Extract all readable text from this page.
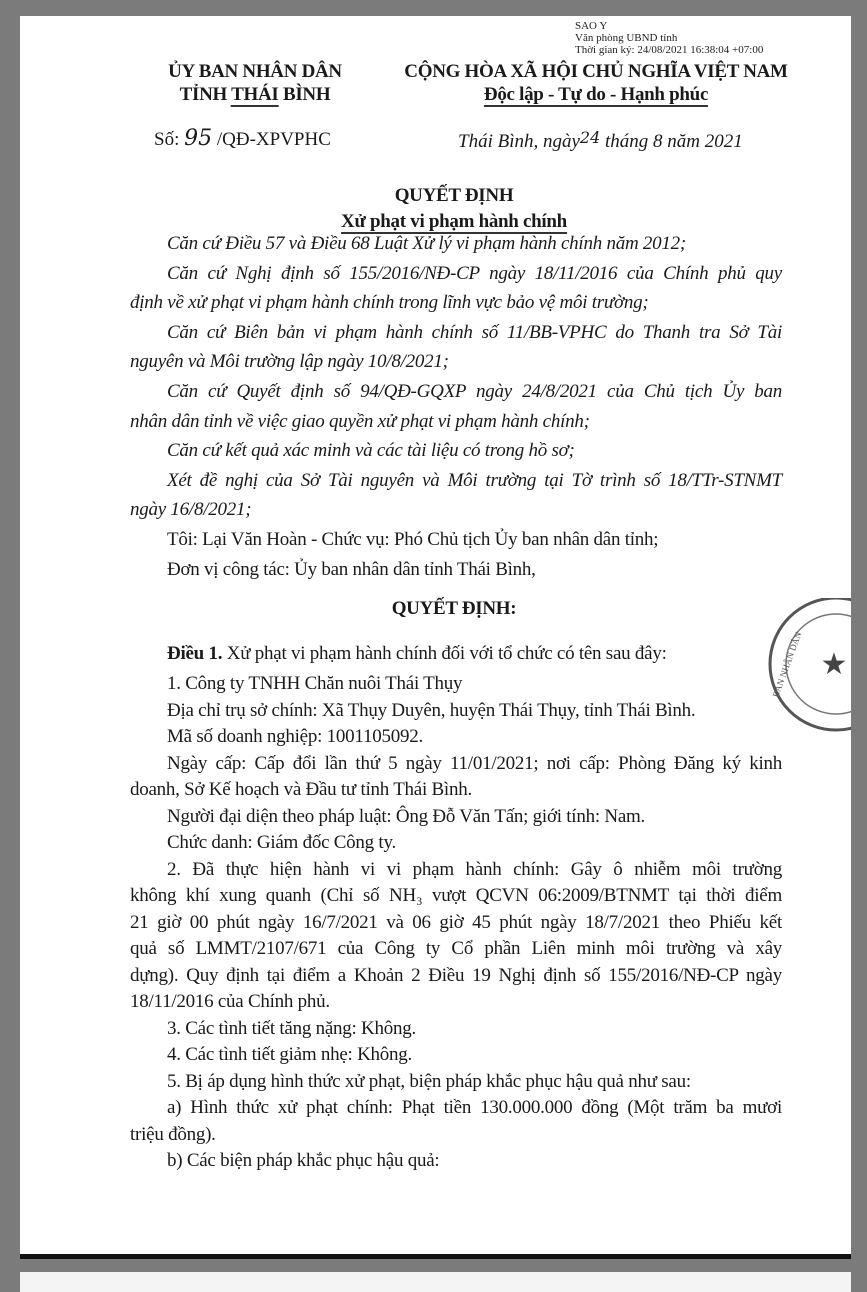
SAO Y
Văn phòng UBND tỉnh
Thời gian ký: 24/08/2021 16:38:04 +07:00
ỦY BAN NHÂN DÂN
TỈNH THÁI BÌNH
CỘNG HÒA XÃ HỘI CHỦ NGHĨA VIỆT NAM
Độc lập - Tự do - Hạnh phúc
Số: 95 /QĐ-XPVPHC	Thái Bình, ngày$^{24}$ tháng 8 năm 2021
QUYẾT ĐỊNH
Xử phạt vi phạm hành chính
Căn cứ Điều 57 và Điều 68 Luật Xử lý vi phạm hành chính năm 2012;
Căn cứ Nghị định số 155/2016/NĐ-CP ngày 18/11/2016 của Chính phủ quy
định về xử phạt vi phạm hành chính trong lĩnh vực bảo vệ môi trường;
Căn cứ Biên bản vi phạm hành chính số 11/BB-VPHC do Thanh tra Sở Tài
nguyên và Môi trường lập ngày 10/8/2021;
Căn cứ Quyết định số 94/QĐ-GQXP ngày 24/8/2021 của Chủ tịch Ủy ban
nhân dân tỉnh về việc giao quyền xử phạt vi phạm hành chính;
Căn cứ kết quả xác minh và các tài liệu có trong hồ sơ;
Xét đề nghị của Sở Tài nguyên và Môi trường tại Tờ trình số 18/TTr-STNMT
ngày 16/8/2021;
Tôi: Lại Văn Hoàn - Chức vụ: Phó Chủ tịch Ủy ban nhân dân tỉnh;
Đơn vị công tác: Ủy ban nhân dân tỉnh Thái Bình,
QUYẾT ĐỊNH:
Điều 1. Xử phạt vi phạm hành chính đối với tổ chức có tên sau đây:
1. Công ty TNHH Chăn nuôi Thái Thụy
Địa chỉ trụ sở chính: Xã Thụy Duyên, huyện Thái Thụy, tỉnh Thái Bình.
Mã số doanh nghiệp: 1001105092.
Ngày cấp: Cấp đổi lần thứ 5 ngày 11/01/2021; nơi cấp: Phòng Đăng ký kinh
doanh, Sở Kế hoạch và Đầu tư tỉnh Thái Bình.
Người đại diện theo pháp luật: Ông Đỗ Văn Tấn; giới tính: Nam.
Chức danh: Giám đốc Công ty.
2. Đã thực hiện hành vi vi phạm hành chính: Gây ô nhiễm môi trường
không khí xung quanh (Chỉ số NH₃ vượt QCVN 06:2009/BTNMT tại thời điểm
21 giờ 00 phút ngày 16/7/2021 và 06 giờ 45 phút ngày 18/7/2021 theo Phiếu kết
quả số LMMT/2107/671 của Công ty Cổ phần Liên minh môi trường và xây
dựng). Quy định tại điểm a Khoản 2 Điều 19 Nghị định số 155/2016/NĐ-CP ngày
18/11/2016 của Chính phủ.
3. Các tình tiết tăng nặng: Không.
4. Các tình tiết giảm nhẹ: Không.
5. Bị áp dụng hình thức xử phạt, biện pháp khắc phục hậu quả như sau:
a) Hình thức xử phạt chính: Phạt tiền 130.000.000 đồng (Một trăm ba mươi
triệu đồng).
b) Các biện pháp khắc phục hậu quả:
★
BAN NHÂN DÂN
